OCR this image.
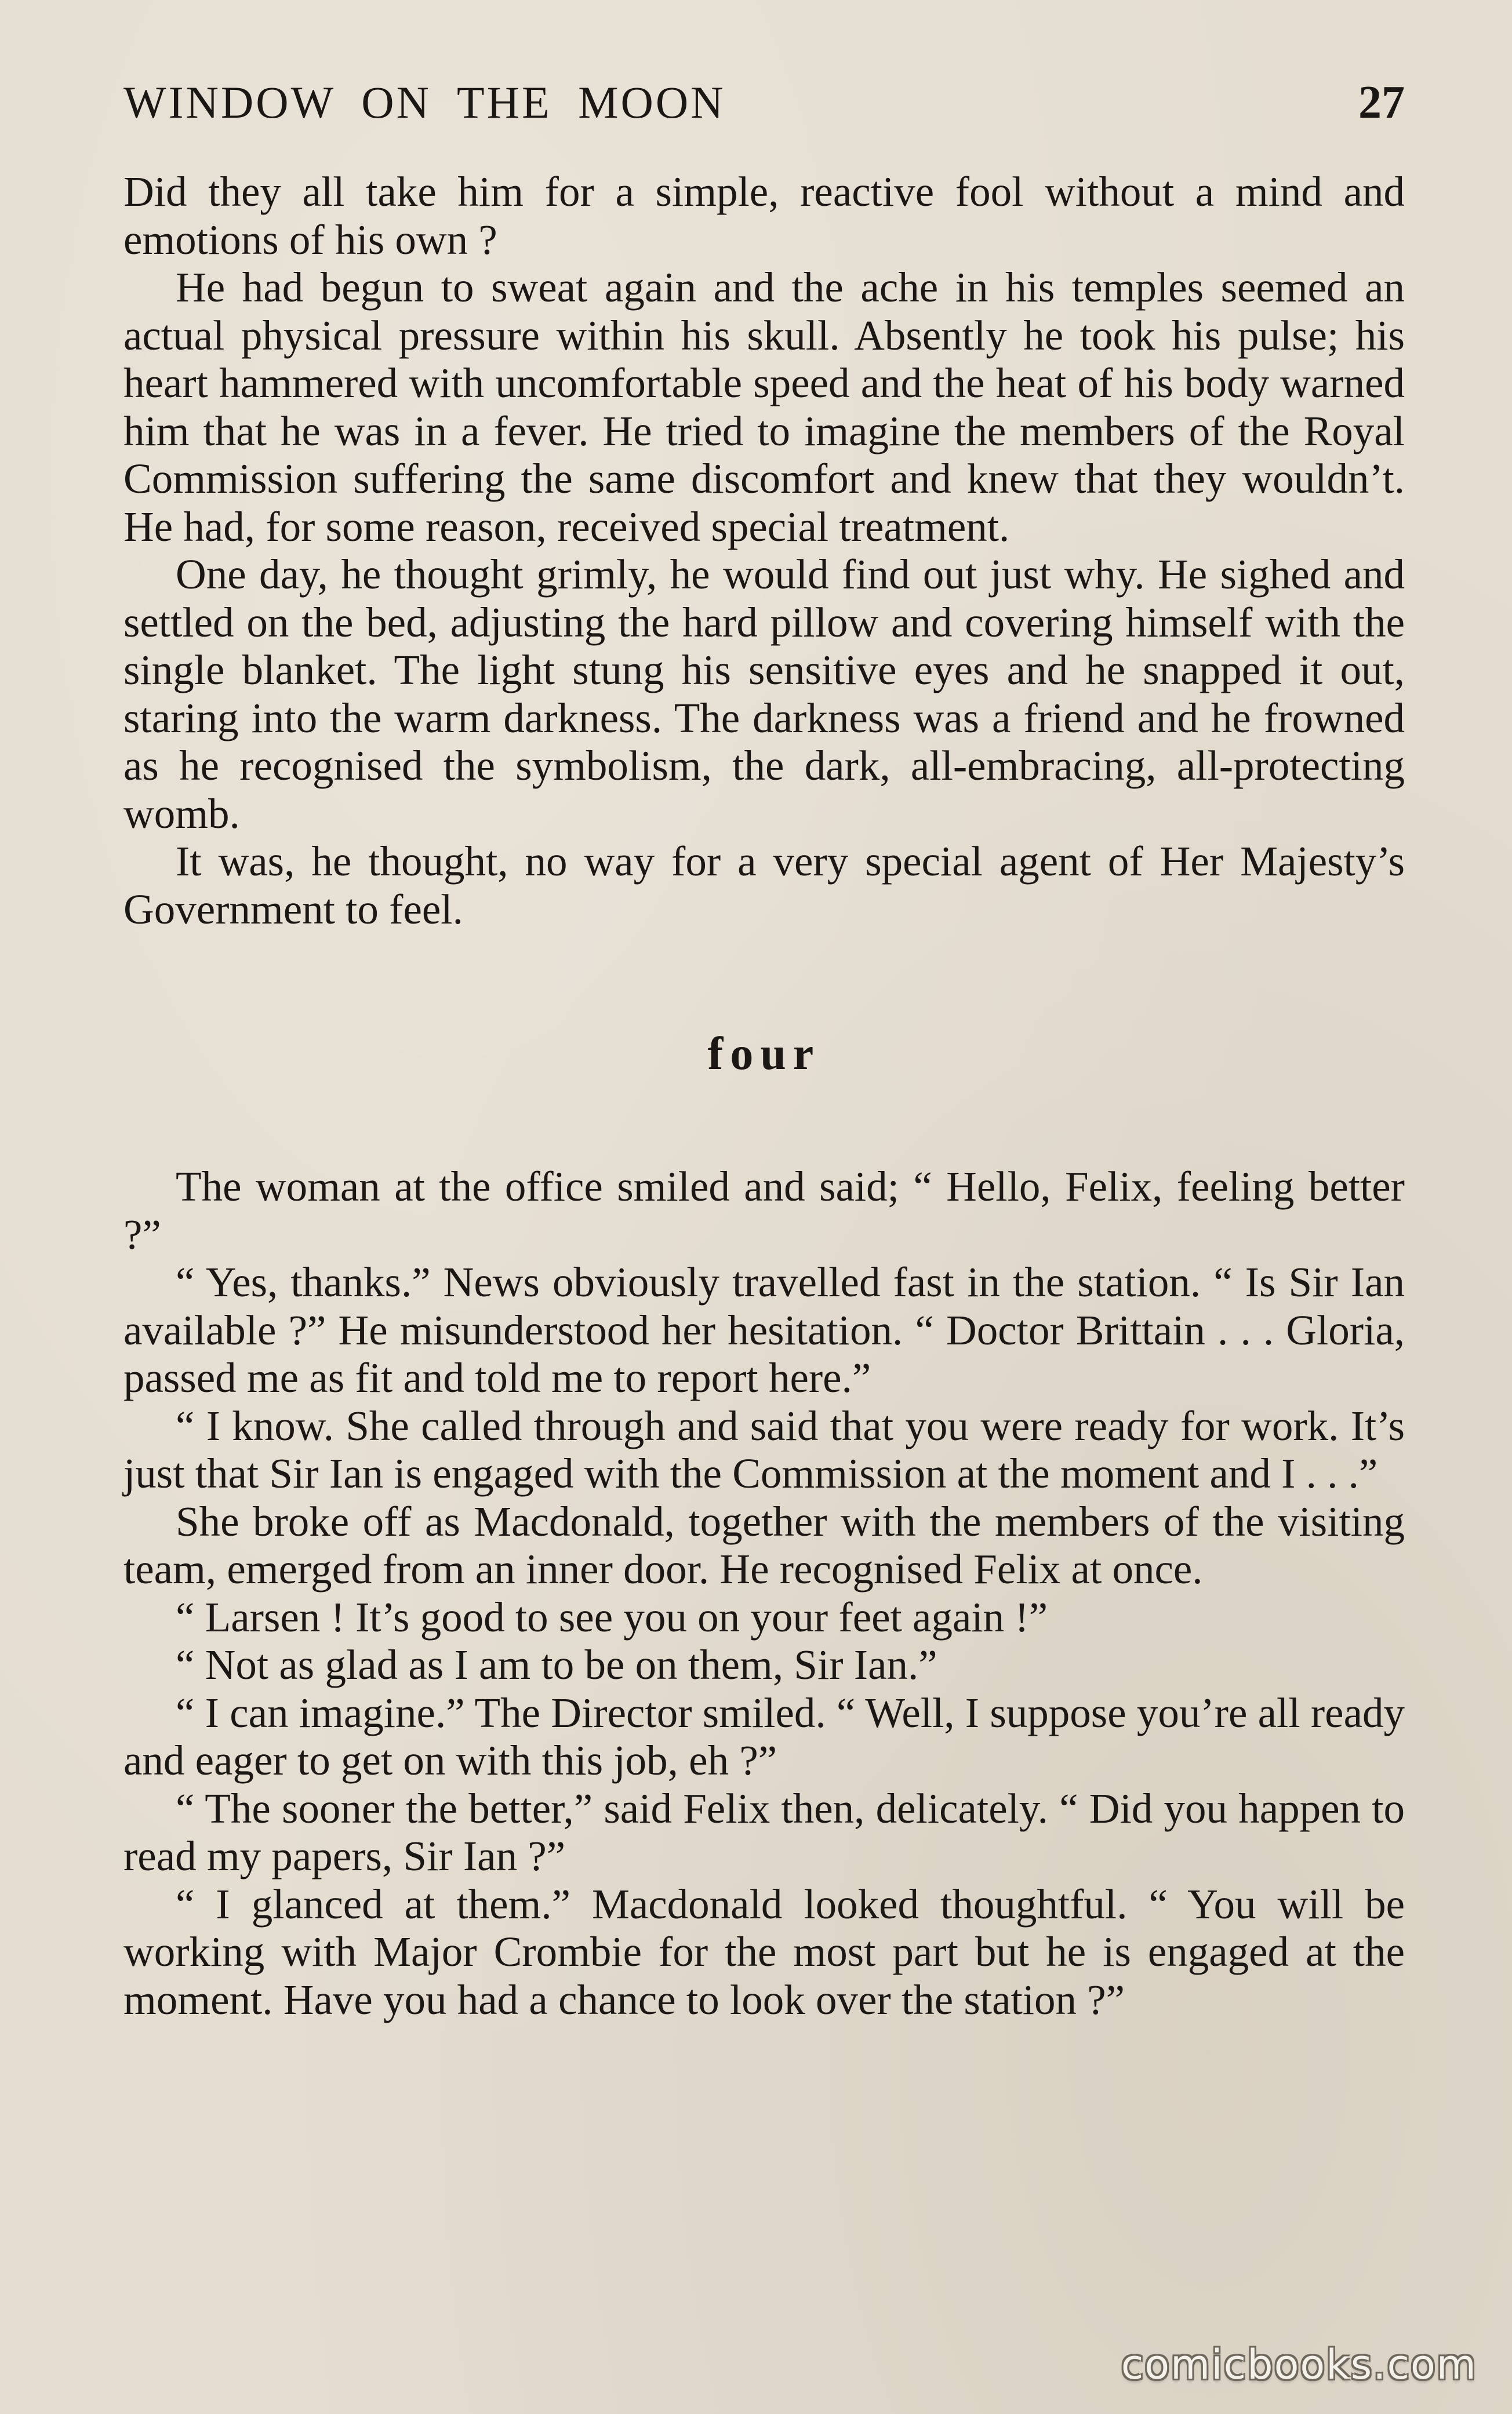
WINDOW ON THE MOON	27

Did they all take him for a simple, reactive fool without a mind and emotions of his own ?

He had begun to sweat again and the ache in his temples seemed an actual physical pressure within his skull. Absently he took his pulse; his heart hammered with uncomfortable speed and the heat of his body warned him that he was in a fever. He tried to imagine the members of the Royal Commission suffering the same discomfort and knew that they wouldn’t. He had, for some reason, received special treatment.

One day, he thought grimly, he would find out just why. He sighed and settled on the bed, adjusting the hard pillow and covering himself with the single blanket. The light stung his sensitive eyes and he snapped it out, staring into the warm darkness. The darkness was a friend and he frowned as he recognised the symbolism, the dark, all-embracing, all-protecting womb.

It was, he thought, no way for a very special agent of Her Majesty’s Government to feel.

four

The woman at the office smiled and said; “ Hello, Felix, feeling better ?”

“ Yes, thanks.” News obviously travelled fast in the station. “ Is Sir Ian available ?” He misunderstood her hesitation. “ Doctor Brittain . . . Gloria, passed me as fit and told me to report here.”

“ I know. She called through and said that you were ready for work. It’s just that Sir Ian is engaged with the Commission at the moment and I . . .”

She broke off as Macdonald, together with the members of the visiting team, emerged from an inner door. He recognised Felix at once.

“ Larsen ! It’s good to see you on your feet again !”

“ Not as glad as I am to be on them, Sir Ian.”

“ I can imagine.” The Director smiled. “ Well, I suppose you’re all ready and eager to get on with this job, eh ?”

“ The sooner the better,” said Felix then, delicately. “ Did you happen to read my papers, Sir Ian ?”

“ I glanced at them.” Macdonald looked thoughtful. “ You will be working with Major Crombie for the most part but he is engaged at the moment. Have you had a chance to look over the station ?”

comicbooks.com
